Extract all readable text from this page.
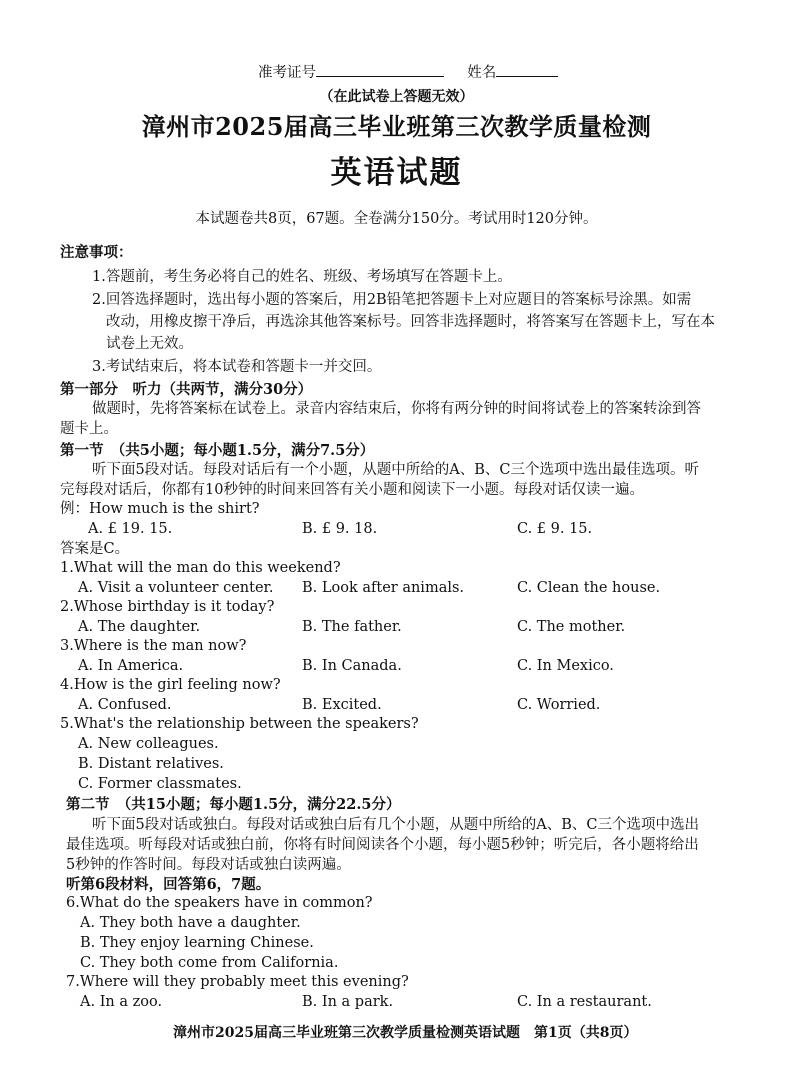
准考证号	姓名
（在此试卷上答题无效）
漳州市2025届高三毕业班第三次教学质量检测
英语试题
本试题卷共8页，67题。全卷满分150分。考试用时120分钟。
注意事项：
1.答题前，考生务必将自己的姓名、班级、考场填写在答题卡上。
2.回答选择题时，选出每小题的答案后，用2B铅笔把答题卡上对应题目的答案标号涂黑。如需
改动，用橡皮擦干净后，再选涂其他答案标号。回答非选择题时，将答案写在答题卡上，写在本
试卷上无效。
3.考试结束后，将本试卷和答题卡一并交回。
第一部分　听力（共两节，满分30分）
做题时，先将答案标在试卷上。录音内容结束后，你将有两分钟的时间将试卷上的答案转涂到答
题卡上。
第一节　（共5小题；每小题1.5分，满分7.5分）
听下面5段对话。每段对话后有一个小题，从题中所给的A、B、C三个选项中选出最佳选项。听
完每段对话后，你都有10秒钟的时间来回答有关小题和阅读下一小题。每段对话仅读一遍。
例：How much is the shirt?
A. £ 19. 15.	B. £ 9. 18.	C. £ 9. 15.
答案是C。
1.What will the man do this weekend?
A. Visit a volunteer center. B. Look after animals.	C. Clean the house.
2.Whose birthday is it today?
A. The daughter.	B. The father.	C. The mother.
3.Where is the man now?
A. In America.	B. In Canada.	C. In Mexico.
4.How is the girl feeling now?
A. Confused.	B. Excited.	C. Worried.
5.What's the relationship between the speakers?
A. New colleagues.
B. Distant relatives.
C. Former classmates.
第二节　（共15小题；每小题1.5分，满分22.5分）
听下面5段对话或独白。每段对话或独白后有几个小题，从题中所给的A、B、C三个选项中选出
最佳选项。听每段对话或独白前，你将有时间阅读各个小题，每小题5秒钟；听完后，各小题将给出
5秒钟的作答时间。每段对话或独白读两遍。
听第6段材料，回答第6，7题。
6.What do the speakers have in common?
A. They both have a daughter.
B. They enjoy learning Chinese.
C. They both come from California.
7.Where will they probably meet this evening?
A. In a zoo.	B. In a park.	C. In a restaurant.
漳州市2025届高三毕业班第三次教学质量检测英语试题　第1页（共8页）
